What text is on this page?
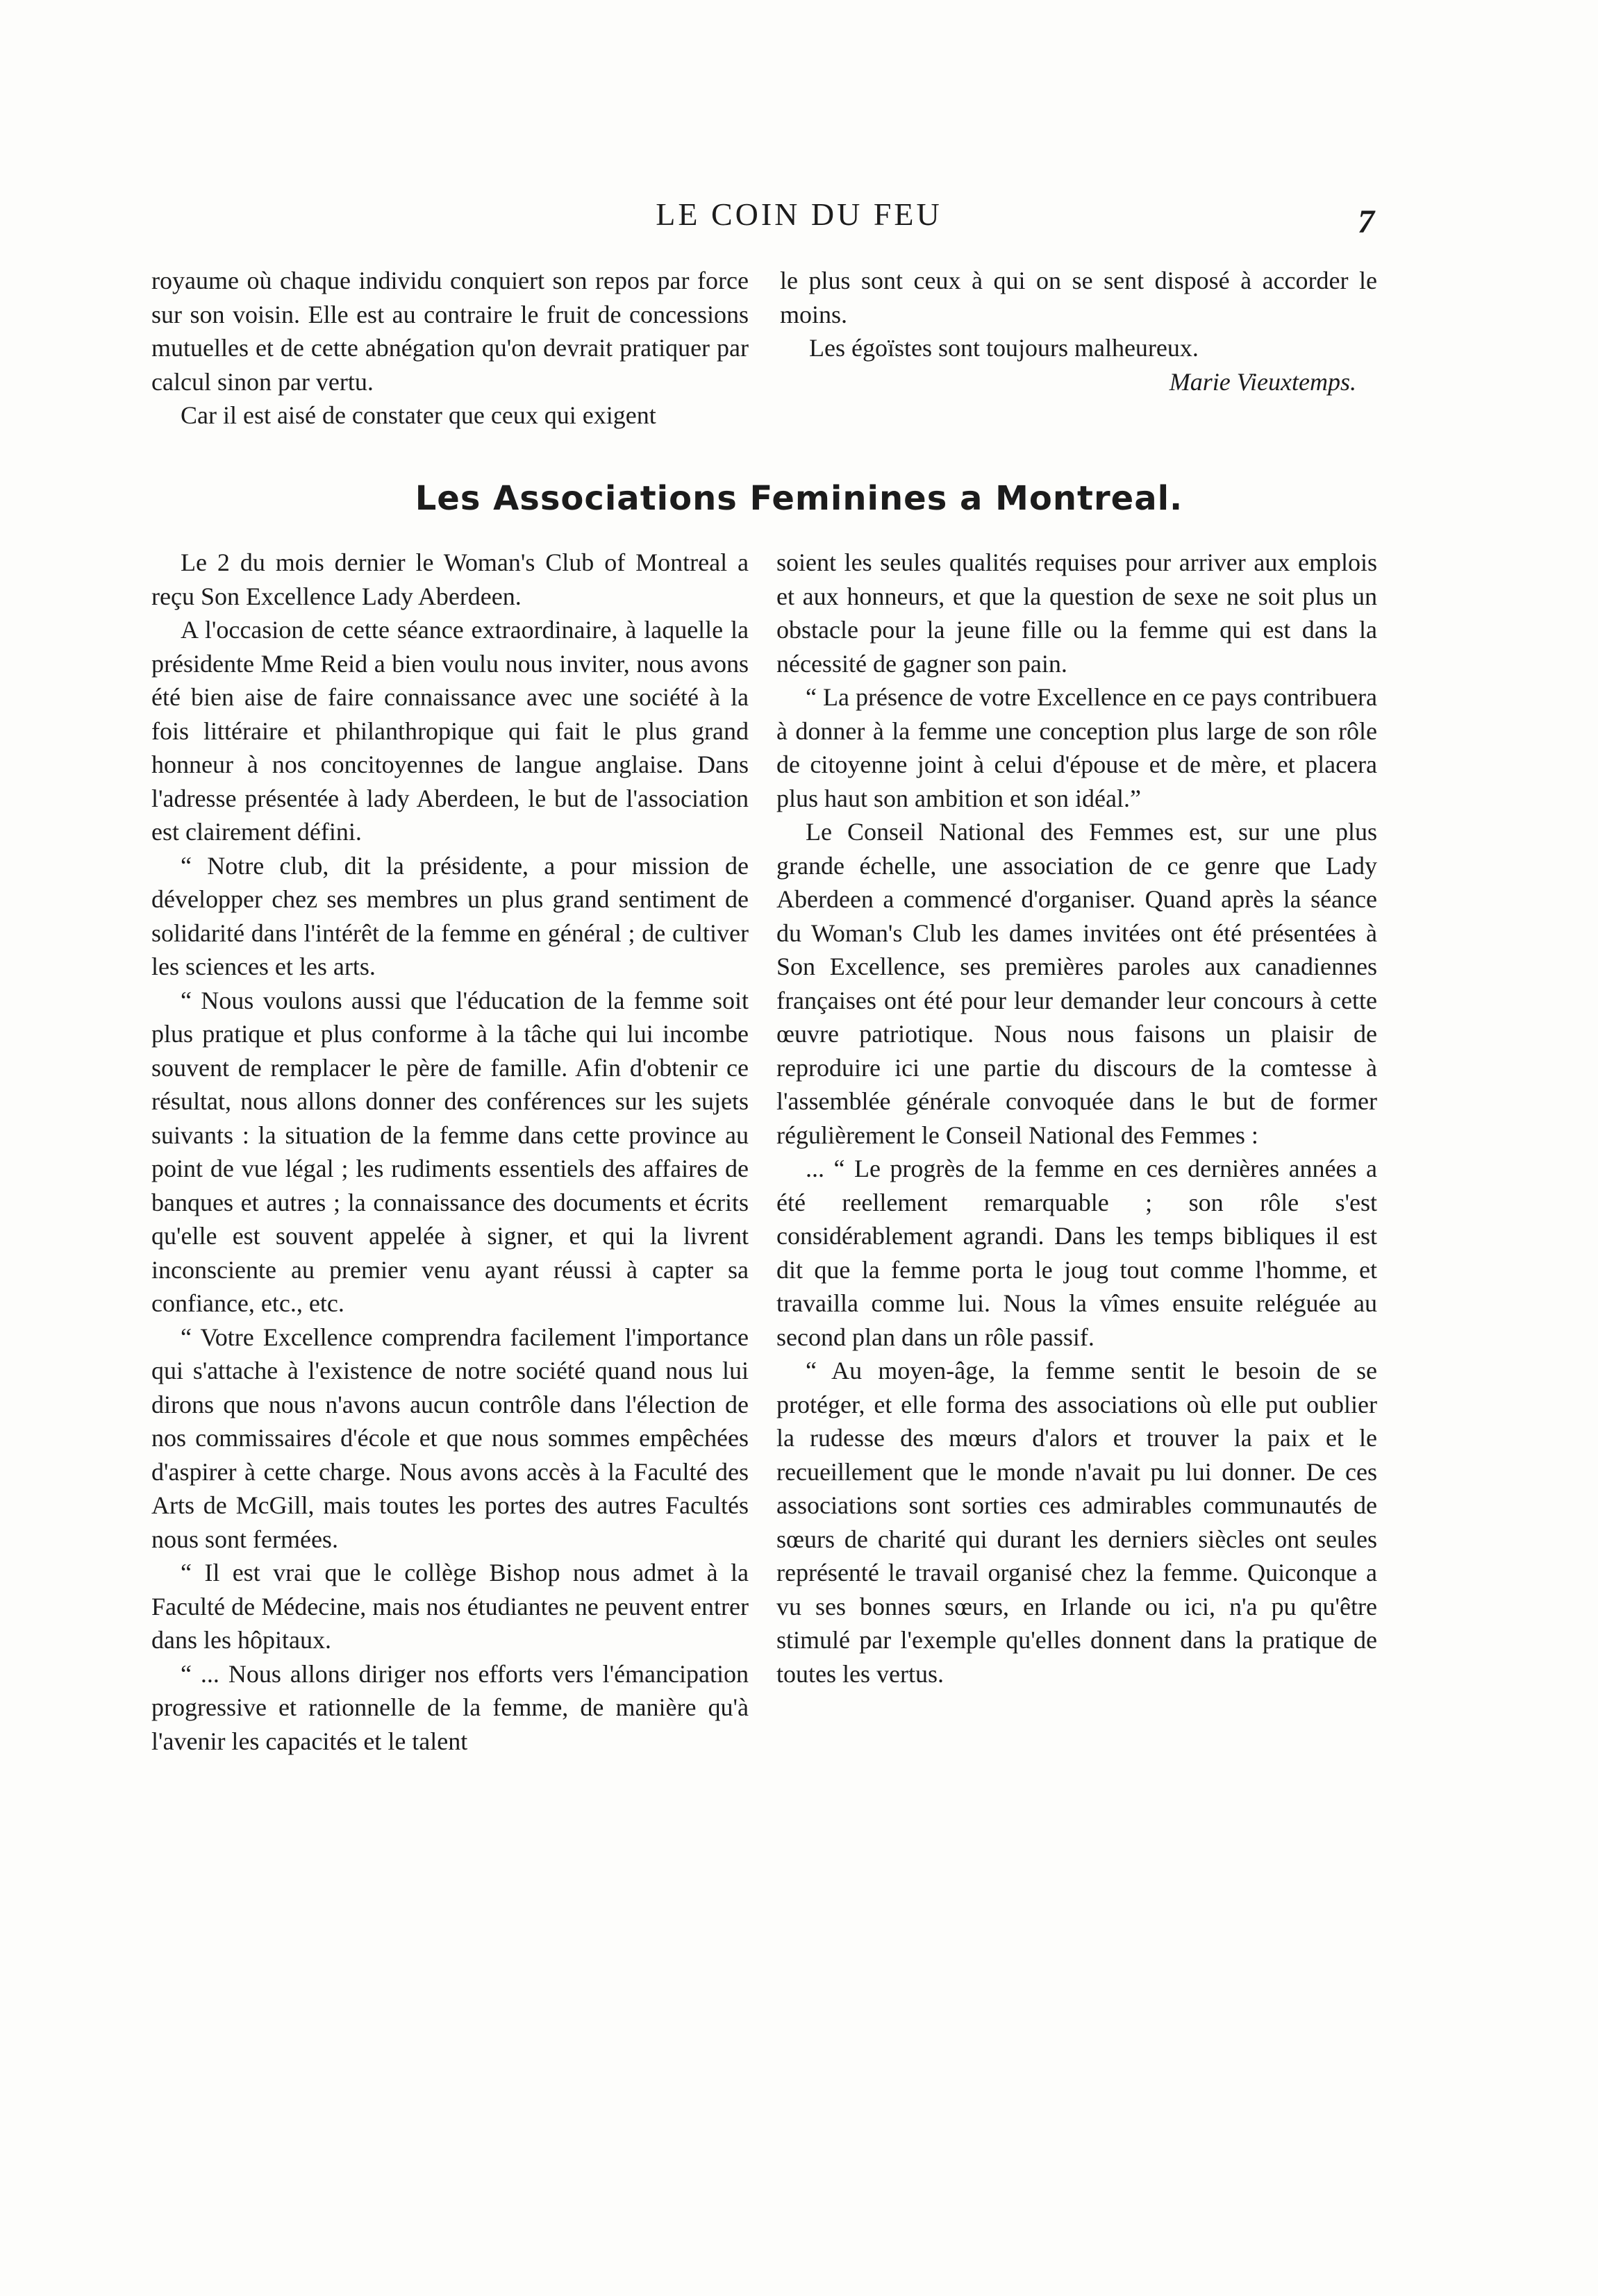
LE COIN DU FEU	7

royaume où chaque individu conquiert son repos par force sur son voisin. Elle est au contraire le fruit de concessions mutuelles et de cette abnégation qu'on devrait pratiquer par calcul sinon par vertu.

Car il est aisé de constater que ceux qui exigent

le plus sont ceux à qui on se sent disposé à accorder le moins.

Les égoïstes sont toujours malheureux.

Marie Vieuxtemps.

Les Associations Feminines a Montreal.

Le 2 du mois dernier le Woman's Club of Montreal a reçu Son Excellence Lady Aberdeen.

A l'occasion de cette séance extraordinaire, à laquelle la présidente Mme Reid a bien voulu nous inviter, nous avons été bien aise de faire connaissance avec une société à la fois littéraire et philanthropique qui fait le plus grand honneur à nos concitoyennes de langue anglaise. Dans l'adresse présentée à lady Aberdeen, le but de l'association est clairement défini.

“ Notre club, dit la présidente, a pour mission de développer chez ses membres un plus grand sentiment de solidarité dans l'intérêt de la femme en général ; de cultiver les sciences et les arts.

“ Nous voulons aussi que l'éducation de la femme soit plus pratique et plus conforme à la tâche qui lui incombe souvent de remplacer le père de famille. Afin d'obtenir ce résultat, nous allons donner des conférences sur les sujets suivants : la situation de la femme dans cette province au point de vue légal ; les rudiments essentiels des affaires de banques et autres ; la connaissance des documents et écrits qu'elle est souvent appelée à signer, et qui la livrent inconsciente au premier venu ayant réussi à capter sa confiance, etc., etc.

“ Votre Excellence comprendra facilement l'importance qui s'attache à l'existence de notre société quand nous lui dirons que nous n'avons aucun contrôle dans l'élection de nos commissaires d'école et que nous sommes empêchées d'aspirer à cette charge. Nous avons accès à la Faculté des Arts de McGill, mais toutes les portes des autres Facultés nous sont fermées.

“ Il est vrai que le collège Bishop nous admet à la Faculté de Médecine, mais nos étudiantes ne peuvent entrer dans les hôpitaux.

“ ... Nous allons diriger nos efforts vers l'émancipation progressive et rationnelle de la femme, de manière qu'à l'avenir les capacités et le talent

soient les seules qualités requises pour arriver aux emplois et aux honneurs, et que la question de sexe ne soit plus un obstacle pour la jeune fille ou la femme qui est dans la nécessité de gagner son pain.

“ La présence de votre Excellence en ce pays contribuera à donner à la femme une conception plus large de son rôle de citoyenne joint à celui d'épouse et de mère, et placera plus haut son ambition et son idéal.”

Le Conseil National des Femmes est, sur une plus grande échelle, une association de ce genre que Lady Aberdeen a commencé d'organiser. Quand après la séance du Woman's Club les dames invitées ont été présentées à Son Excellence, ses premières paroles aux canadiennes françaises ont été pour leur demander leur concours à cette œuvre patriotique. Nous nous faisons un plaisir de reproduire ici une partie du discours de la comtesse à l'assemblée générale convoquée dans le but de former régulièrement le Conseil National des Femmes :

... “ Le progrès de la femme en ces dernières années a été reellement remarquable ; son rôle s'est considérablement agrandi. Dans les temps bibliques il est dit que la femme porta le joug tout comme l'homme, et travailla comme lui. Nous la vîmes ensuite reléguée au second plan dans un rôle passif.

“ Au moyen-âge, la femme sentit le besoin de se protéger, et elle forma des associations où elle put oublier la rudesse des mœurs d'alors et trouver la paix et le recueillement que le monde n'avait pu lui donner. De ces associations sont sorties ces admirables communautés de sœurs de charité qui durant les derniers siècles ont seules représenté le travail organisé chez la femme. Quiconque a vu ses bonnes sœurs, en Irlande ou ici, n'a pu qu'être stimulé par l'exemple qu'elles donnent dans la pratique de toutes les vertus.
